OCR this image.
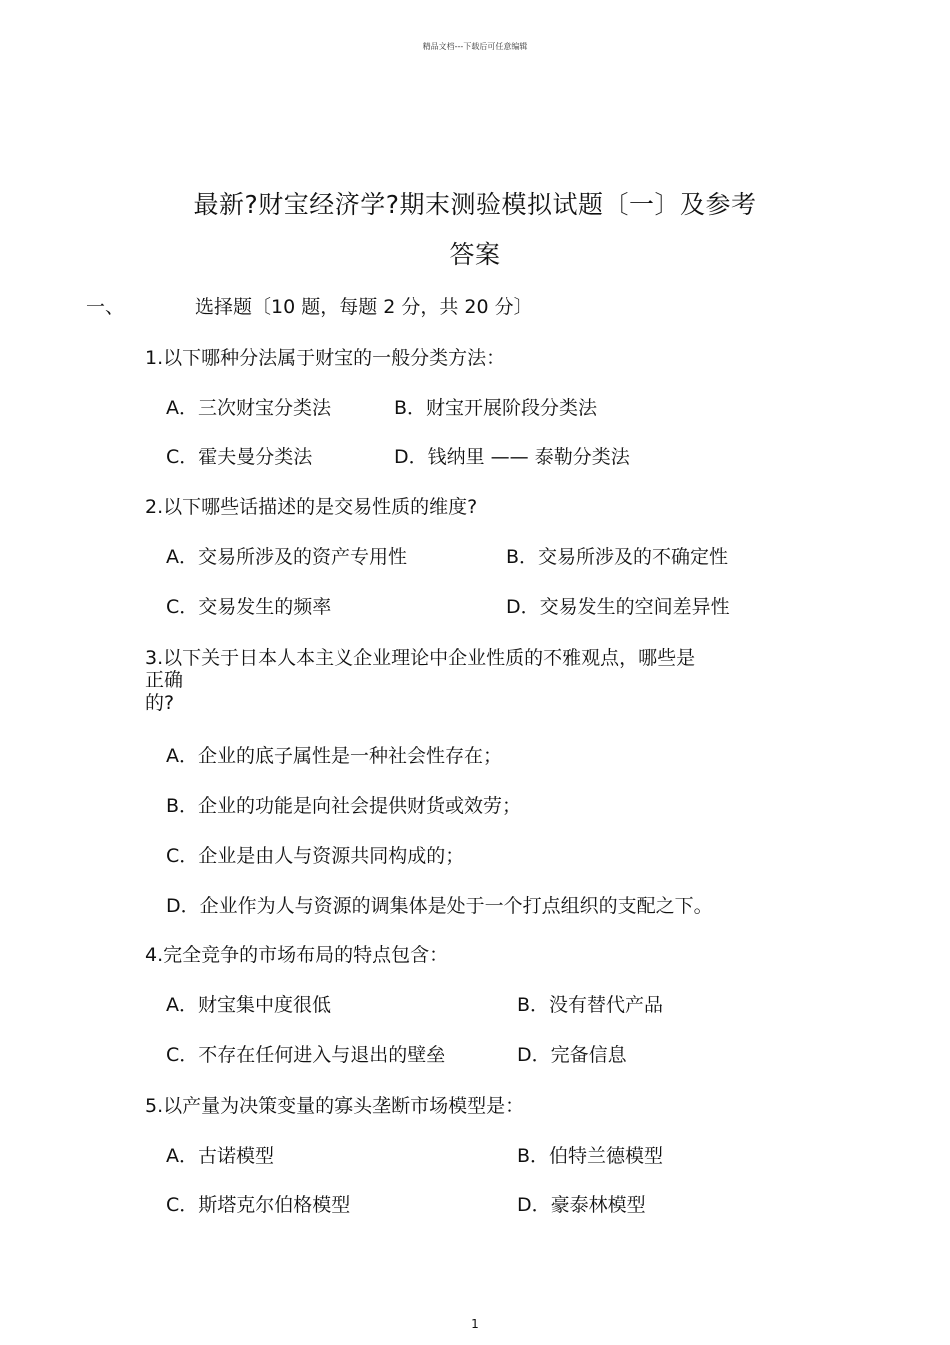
精品文档---下载后可任意编辑
最新?财宝经济学?期末测验模拟试题〔一〕及参考
答案
一、	选择题〔10 题，每题 2 分，共 20 分〕
1.以下哪种分法属于财宝的一般分类方法：
A．三次财宝分类法	B．财宝开展阶段分类法
C．霍夫曼分类法	D．钱纳里 —— 泰勒分类法
2.以下哪些话描述的是交易性质的维度?
A．交易所涉及的资产专用性	B．交易所涉及的不确定性
C．交易发生的频率	D．交易发生的空间差异性
3.以下关于日本人本主义企业理论中企业性质的不雅观点，哪些是
正确
的?
A．企业的底子属性是一种社会性存在；
B．企业的功能是向社会提供财货或效劳；
C．企业是由人与资源共同构成的；
D．企业作为人与资源的调集体是处于一个打点组织的支配之下。
4.完全竞争的市场布局的特点包含：
A．财宝集中度很低	B．没有替代产品
C．不存在任何进入与退出的壁垒	D．完备信息
5.以产量为决策变量的寡头垄断市场模型是：
A．古诺模型	B．伯特兰德模型
C．斯塔克尔伯格模型	D．豪泰林模型
1
